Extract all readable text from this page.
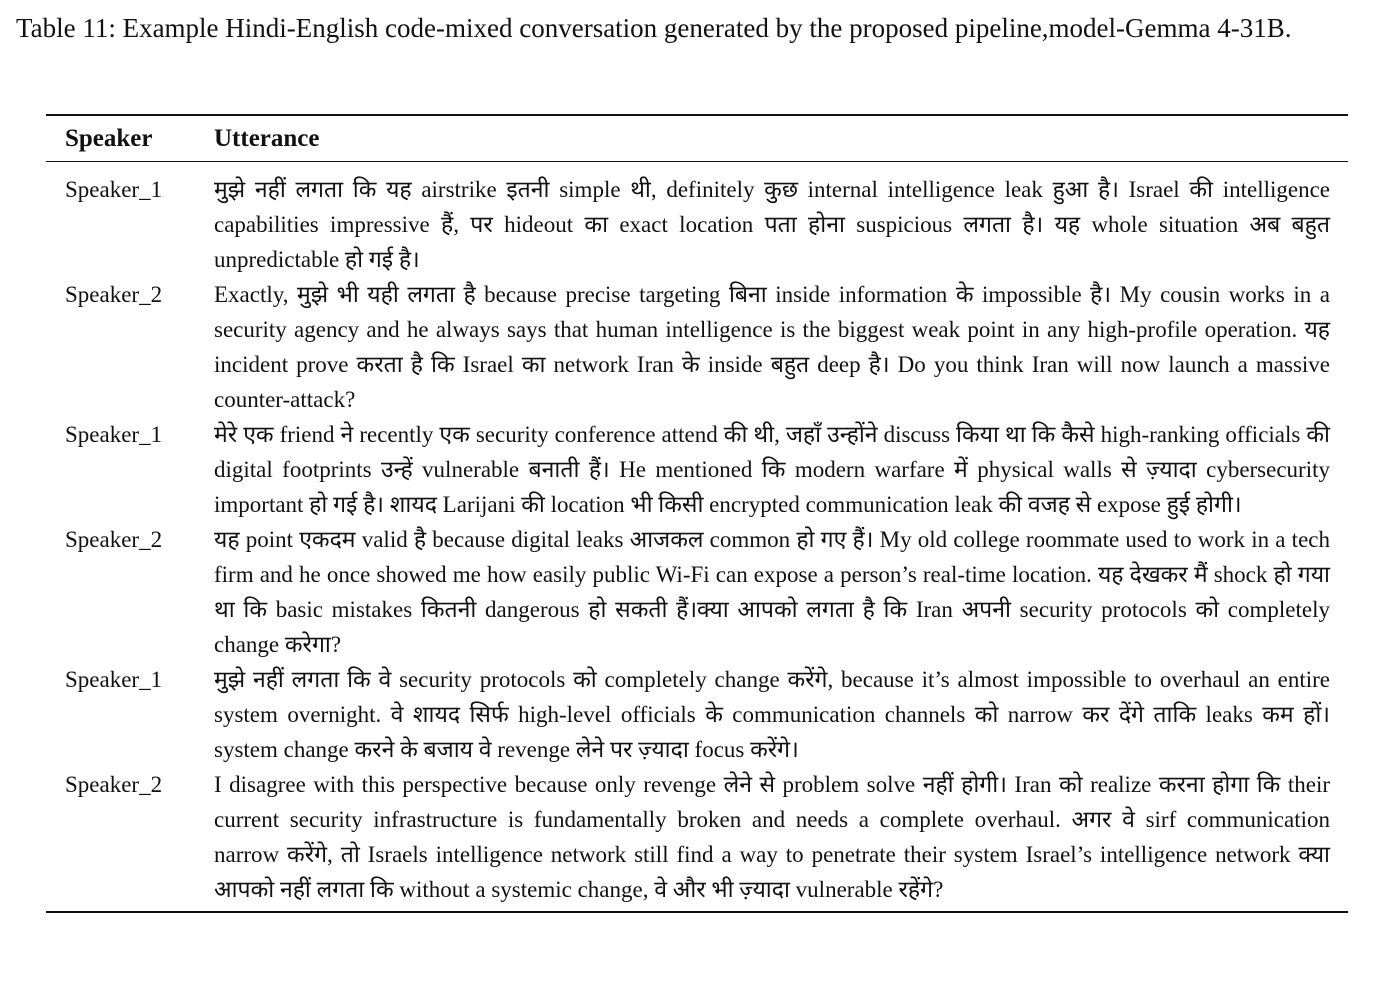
Table 11: Example Hindi-English code-mixed conversation generated by the proposed pipeline,model-Gemma 4-31B.

Speaker	Utterance
Speaker_1	मुझे नहीं लगता कि यह airstrike इतनी simple थी, definitely कुछ internal intelligence leak हुआ है। Israel की intelligence capabilities impressive हैं, पर hideout का exact location पता होना suspicious लगता है। यह whole situation अब बहुत unpredictable हो गई है।
Speaker_2	Exactly, मुझे भी यही लगता है because precise targeting बिना inside information के impossible है। My cousin works in a security agency and he always says that human intelligence is the biggest weak point in any high-profile operation. यह incident prove करता है कि Israel का network Iran के inside बहुत deep है। Do you think Iran will now launch a massive counter-attack?
Speaker_1	मेरे एक friend ने recently एक security conference attend की थी, जहाँ उन्होंने discuss किया था कि कैसे high-ranking officials की digital footprints उन्हें vulnerable बनाती हैं। He mentioned कि modern warfare में physical walls से ज़्यादा cybersecurity important हो गई है। शायद Larijani की location भी किसी encrypted communication leak की वजह से expose हुई होगी।
Speaker_2	यह point एकदम valid है because digital leaks आजकल common हो गए हैं। My old college roommate used to work in a tech firm and he once showed me how easily public Wi-Fi can expose a person’s real-time location. यह देखकर मैं shock हो गया था कि basic mistakes कितनी dangerous हो सकती हैं।क्या आपको लगता है कि Iran अपनी security protocols को completely change करेगा?
Speaker_1	मुझे नहीं लगता कि वे security protocols को completely change करेंगे, because it’s almost impossible to overhaul an entire system overnight. वे शायद सिर्फ high-level officials के communication channels को narrow कर देंगे ताकि leaks कम हों। system change करने के बजाय वे revenge लेने पर ज़्यादा focus करेंगे।
Speaker_2	I disagree with this perspective because only revenge लेने से problem solve नहीं होगी। Iran को realize करना होगा कि their current security infrastructure is fundamentally broken and needs a complete overhaul. अगर वे sirf communication narrow करेंगे, तो Israels intelligence network still find a way to penetrate their system Israel’s intelligence network क्या आपको नहीं लगता कि without a systemic change, वे और भी ज़्यादा vulnerable रहेंगे?
